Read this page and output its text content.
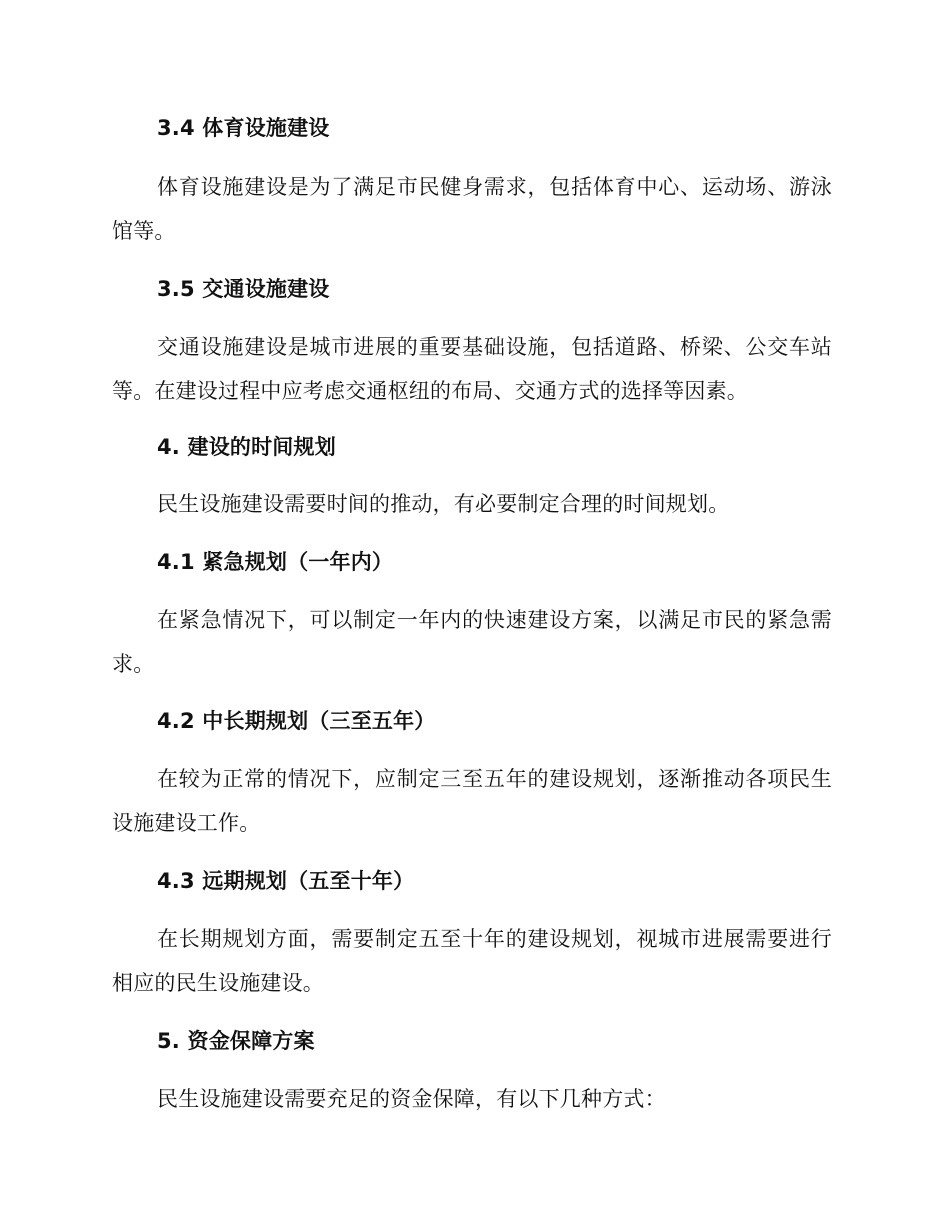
3.4 体育设施建设

体育设施建设是为了满足市民健身需求，包括体育中心、运动场、游泳馆等。

3.5 交通设施建设

交通设施建设是城市进展的重要基础设施，包括道路、桥梁、公交车站等。在建设过程中应考虑交通枢纽的布局、交通方式的选择等因素。

4. 建设的时间规划

民生设施建设需要时间的推动，有必要制定合理的时间规划。

4.1 紧急规划（一年内）

在紧急情况下，可以制定一年内的快速建设方案，以满足市民的紧急需求。

4.2 中长期规划（三至五年）

在较为正常的情况下，应制定三至五年的建设规划，逐渐推动各项民生设施建设工作。

4.3 远期规划（五至十年）

在长期规划方面，需要制定五至十年的建设规划，视城市进展需要进行相应的民生设施建设。

5. 资金保障方案

民生设施建设需要充足的资金保障，有以下几种方式：
